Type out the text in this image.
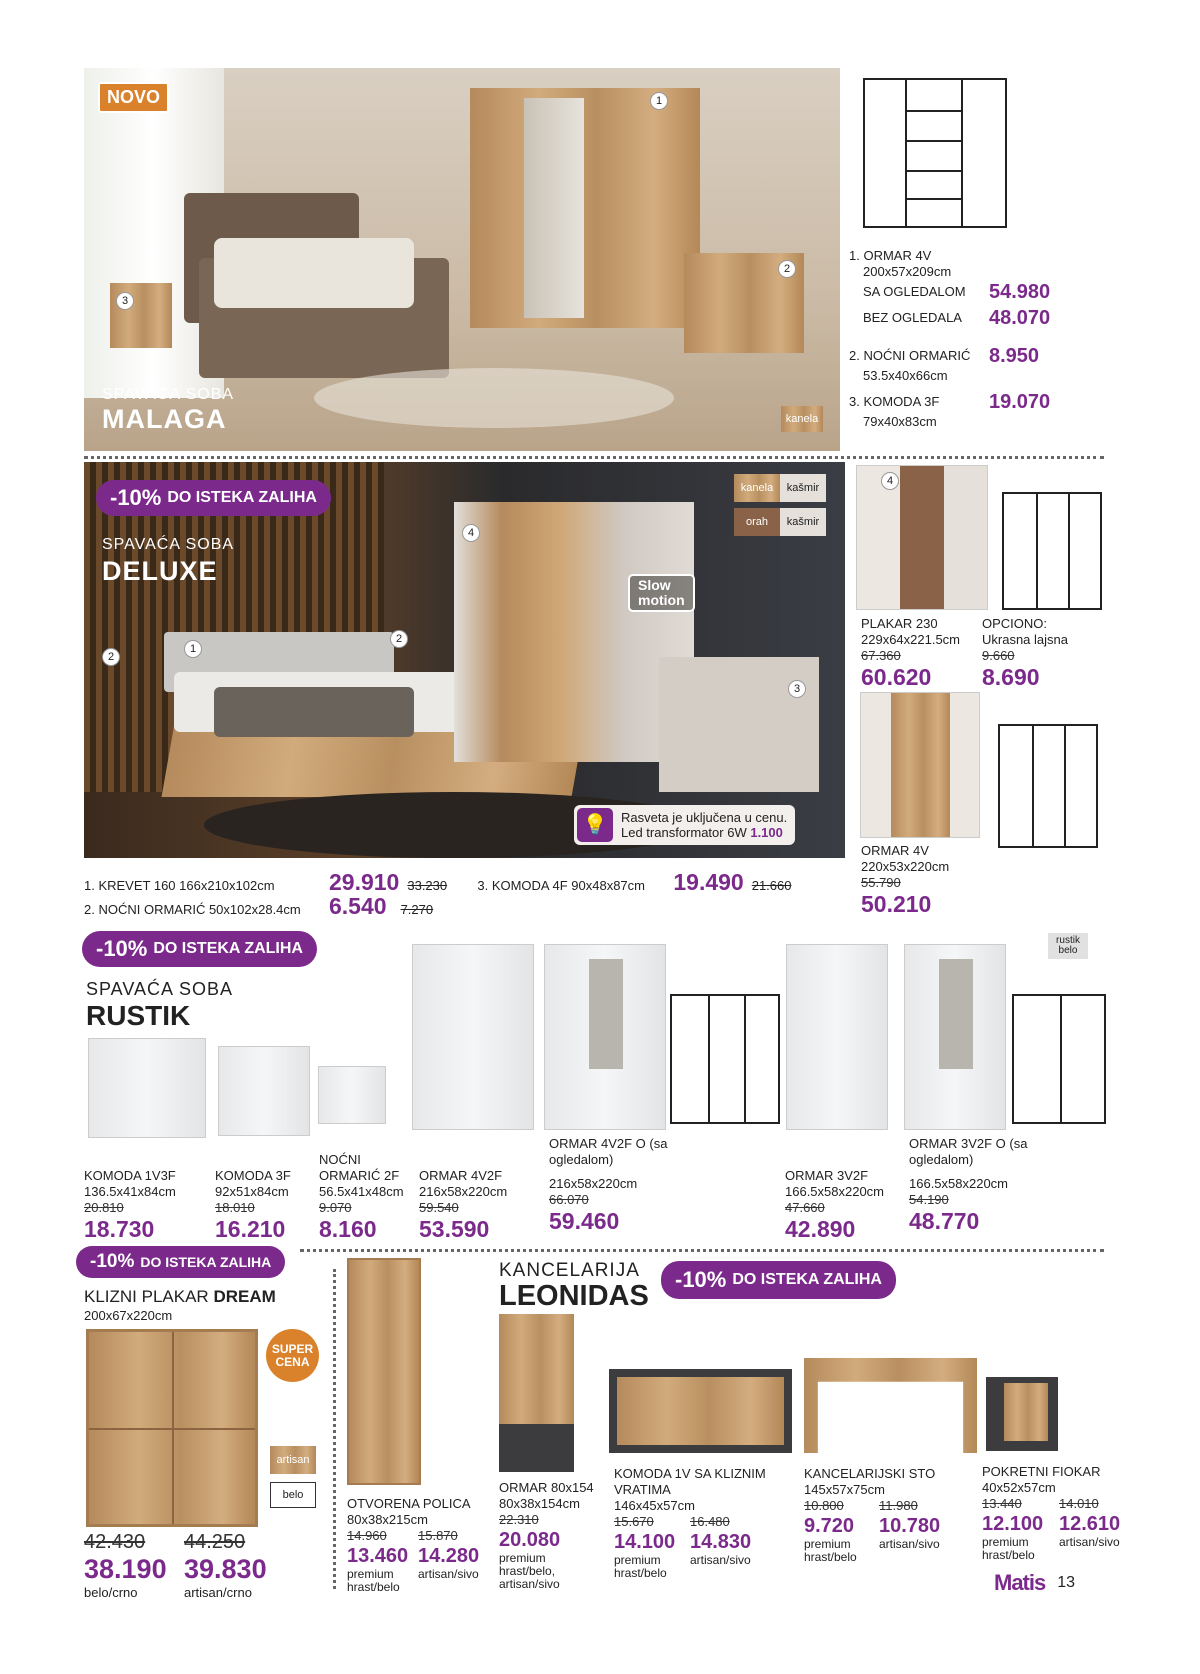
NOVO	1
2
3
SPAVAĆA SOBA
MALAGA	kanela
1. ORMAR 4V
200x57x209cm
SA OGLEDALOM 54.980
BEZ OGLEDALA 48.070
2. NOĆNI ORMARIĆ 8.950
53.5x40x66cm
3. KOMODA 3F 19.070
79x40x83cm
-10% DO ISTEKA ZALIHA
SPAVAĆA SOBA
DELUXE
kanela	kašmir
orah	kašmir
Slow
motion
💡	Rasveta je uključena u cenu.
Led transformator 6W 1.100
1
2
2
3
4
1. KREVET 160 166x210x102cm	29.910 33.230	3. KOMODA 4F 90x48x87cm	19.490 21.660
2. NOĆNI ORMARIĆ 50x102x28.4cm	6.540 7.270
4
PLAKAR 230
229x64x221.5cm
67.360
60.620
OPCIONO:
Ukrasna lajsna
9.660
8.690
ORMAR 4V
220x53x220cm
55.790
50.210
-10% DO ISTEKA ZALIHA
SPAVAĆA SOBA
RUSTIK
rustik belo
KOMODA 1V3F
136.5x41x84cm
20.810
18.730
KOMODA 3F
92x51x84cm
18.010
16.210
NOĆNI ORMARIĆ 2F
56.5x41x48cm
9.070
8.160
ORMAR 4V2F
216x58x220cm
59.540
53.590
ORMAR 4V2F O (sa ogledalom)
216x58x220cm
66.070
59.460
ORMAR 3V2F
166.5x58x220cm
47.660
42.890
ORMAR 3V2F O (sa ogledalom)
166.5x58x220cm
54.190
48.770
-10% DO ISTEKA ZALIHA
KLIZNI PLAKAR DREAM
200x67x220cm
SUPER
CENA
artisan
belo
42.430
38.190
belo/crno
44.250
39.830
artisan/crno
OTVORENA POLICA
80x38x215cm
14.960
13.460
premium hrast/belo
15.870
14.280
artisan/sivo
KANCELARIJA
LEONIDAS
-10% DO ISTEKA ZALIHA
ORMAR 80x154
80x38x154cm
22.310
20.080
premium hrast/belo, artisan/sivo
KOMODA 1V SA KLIZNIM VRATIMA
146x45x57cm
15.670
14.100
premium hrast/belo
16.480
14.830
artisan/sivo
KANCELARIJSKI STO
145x57x75cm
10.800
9.720
premium hrast/belo
11.980
10.780
artisan/sivo
POKRETNI FIOKAR
40x52x57cm
13.440
12.100
premium hrast/belo
14.010
12.610
artisan/sivo
Matis 13
